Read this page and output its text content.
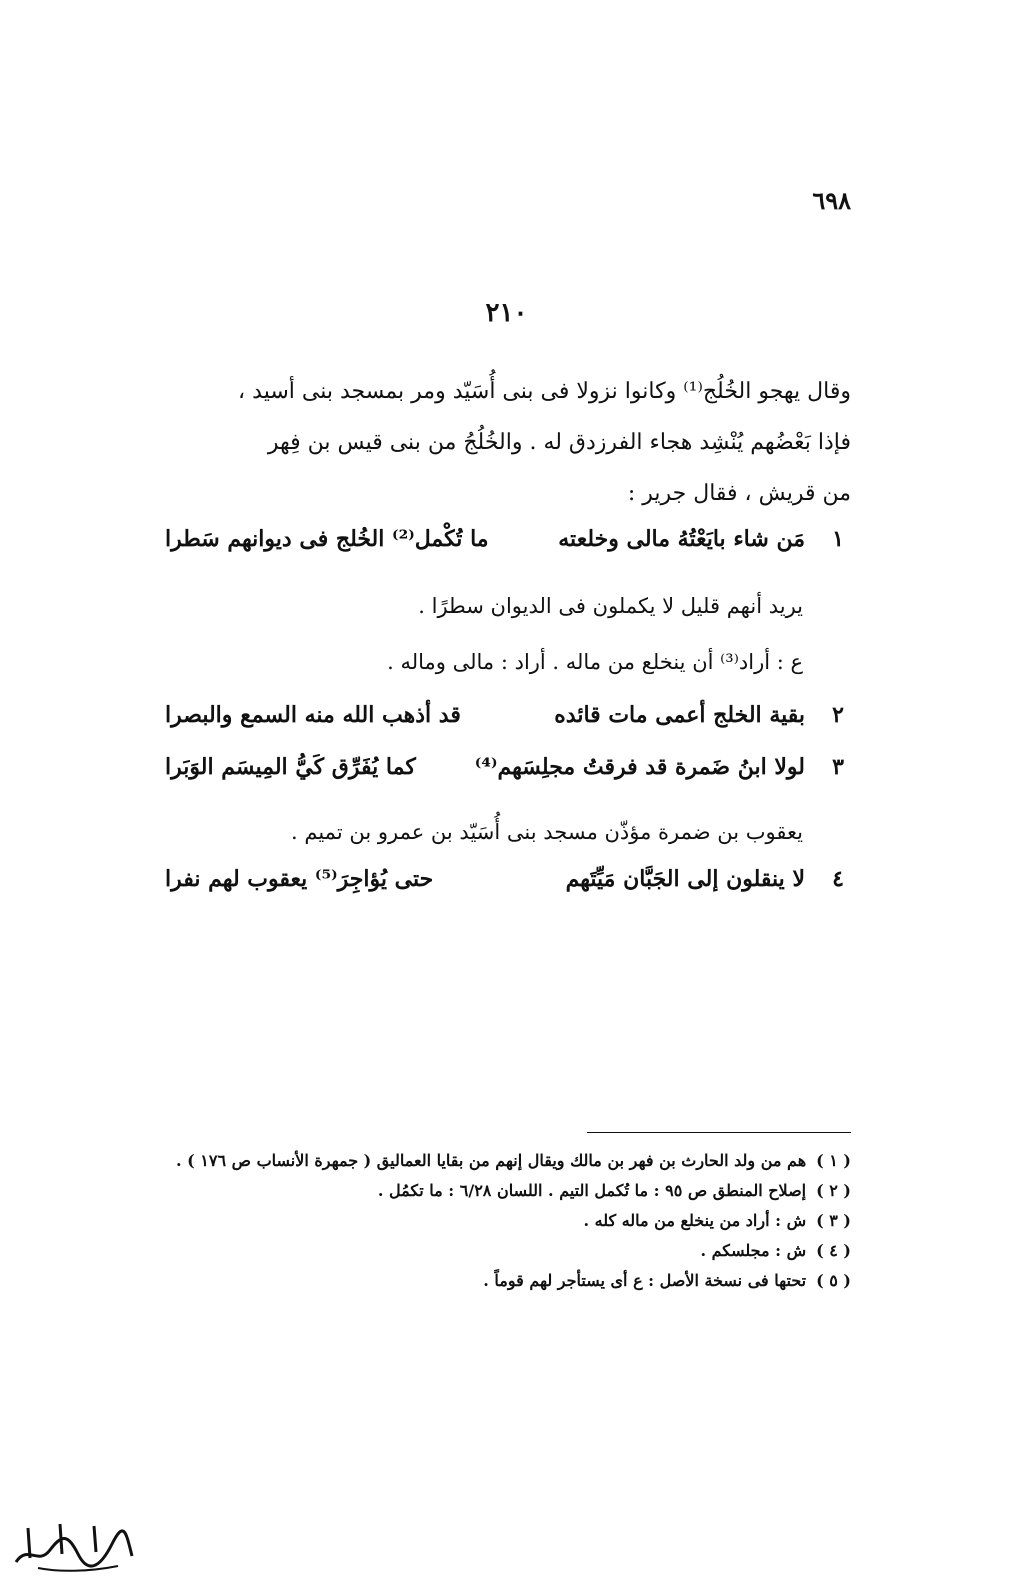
٦٩٨
٢١٠

وقال يهجو الخُلُج⁽¹⁾ وكانوا نزولا فى بنى أُسَيّد ومر بمسجد بنى أسيد ،

فإذا بَعْضُهم يُنْشِد هجاء الفرزدق له . والخُلُجُ من بنى قيس بن فِهر

من قريش ، فقال جرير :

١
مَن شاء بايَعْتُهُ مالى وخلعته
ما تُكْمل⁽²⁾ الخُلج فى ديوانهم سَطرا
يريد أنهم قليل لا يكملون فى الديوان سطرًا .
ع : أراد⁽³⁾ أن ينخلع من ماله . أراد : مالى وماله .
٢
بقية الخلج أعمى مات قائده
قد أذهب الله منه السمع والبصرا
٣
لولا ابنُ ضَمرة قد فرقتُ مجلِسَهم⁽⁴⁾
كما يُفَرِّق كَيُّ المِيسَم الوَبَرا
يعقوب بن ضمرة مؤذّن مسجد بنى أُسَيّد بن عمرو بن تميم .
٤
لا ينقلون إلى الجَبَّان مَيِّتَهم
حتى يُؤاجِرَ⁽⁵⁾ يعقوب لهم نفرا
( ١ )هم من ولد الحارث بن فهر بن مالك ويقال إنهم من بقايا العماليق ( جمهرة الأنساب ص ١٧٦ ) .
( ٢ )إصلاح المنطق ص ٩٥ : ما تُكمل التيم . اللسان ٦/٢٨ : ما تكمُل .
( ٣ )ش : أراد من ينخلع من ماله كله .
( ٤ )ش : مجلسكم .
( ٥ )تحتها فى نسخة الأصل : ع أى يستأجر لهم قوماً .
